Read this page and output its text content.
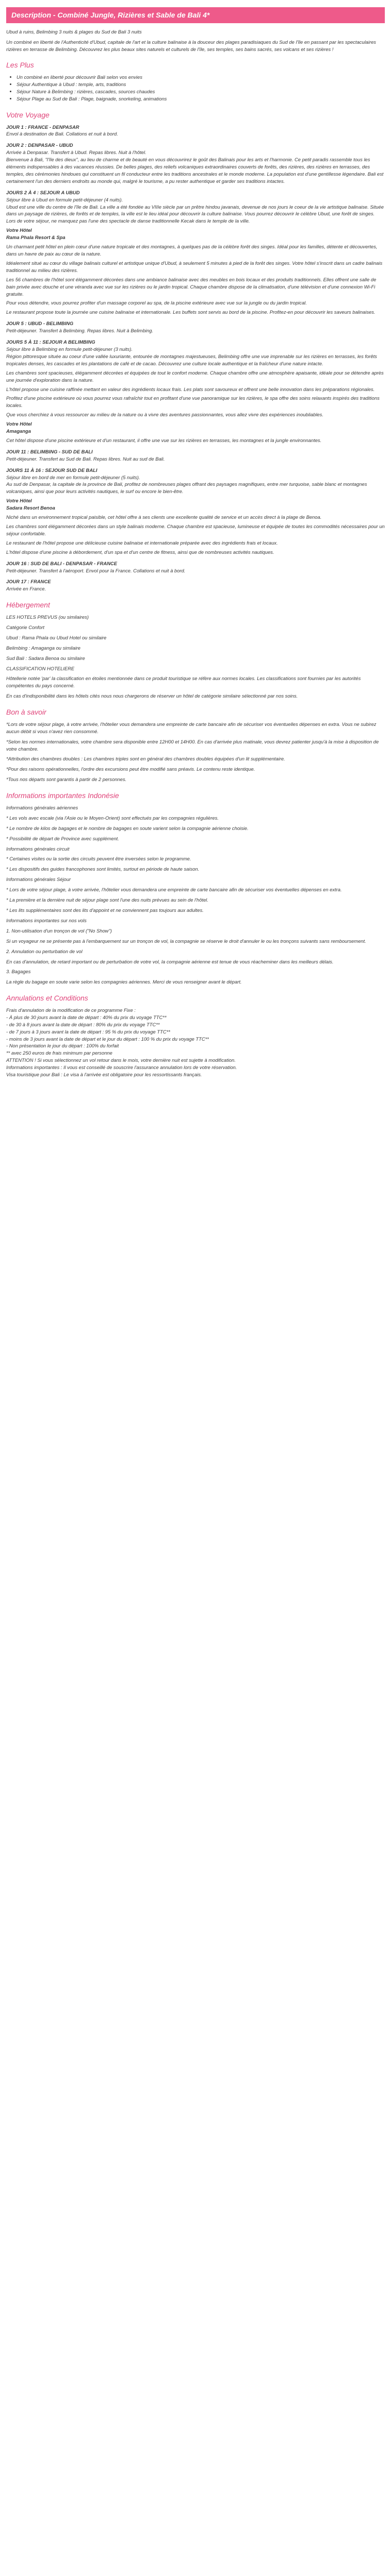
Description - Combiné Jungle, Rizières et Sable de Bali 4*

Ubud à ruins, Belimbing 3 nuits & plages du Sud de Bali 3 nuits

Un combiné en liberté de l'Authenticité d'Ubud, capitale de l'art et la culture balinaise à la douceur des plages paradisiaques du Sud de l'île en passant par les spectaculaires rizières en terrasse de Belimbing. Découvrez les plus beaux sites naturels et culturels de l'île, ses temples, ses bains sacrés, ses volcans et ses rizières !

Les Plus
• Un combiné en liberté pour découvrir Bali selon vos envies
• Séjour Authentique à Ubud : temple, arts, traditions
• Séjour Nature à Belimbing : rizières, cascades, sources chaudes
• Séjour Plage au Sud de Bali : Plage, baignade, snorkeling, animations
Votre Voyage

JOUR 1 : FRANCE - DENPASAR

Envol à destination de Bali. Collations et nuit à bord.

JOUR 2 : DENPASAR - UBUD

Arrivée à Denpasar. Transfert à Ubud. Repas libres. Nuit à l'hôtel.

Bienvenue à Bali, "l'île des dieux", au lieu de charme et de beauté en vous découvrirez le goût des Balinais pour les arts et l'harmonie. Ce petit paradis rassemble tous les éléments indispensables à des vacances réussies. De belles plages, des reliefs volcaniques extraordinaires couverts de forêts, des rizières, des rizières en terrasses, des temples, des cérémonies hindoues qui constituent un fil conducteur entre les traditions ancestrales et le monde moderne. La population est d'une gentillesse légendaire. Bali est certainement l'un des derniers endroits au monde qui, malgré le tourisme, a pu rester authentique et garder ses traditions intactes.

JOURS 2 À 4 : SEJOUR A UBUD

Séjour libre à Ubud en formule petit-déjeuner (4 nuits).

Ubud est une ville du centre de l'île de Bali. La ville a été fondée au VIIIe siècle par un prêtre hindou javanais, devenue de nos jours le coeur de la vie artistique balinaise. Située dans un paysage de rizières, de forêts et de temples, la ville est le lieu idéal pour découvrir la culture balinaise. Vous pourrez découvrir le célèbre Ubud, une forêt de singes. Lors de votre séjour, ne manquez pas l'une des spectacle de danse traditionnelle Kecak dans le temple de la ville.

Votre Hôtel

Rama Phala Resort & Spa

Un charmant petit hôtel en plein cœur d'une nature tropicale et des montagnes, à quelques pas de la célèbre forêt des singes. Idéal pour les familles, détente et découvertes, dans un havre de paix au cœur de la nature.

Idéalement situé au cœur du village balinais culturel et artistique unique d'Ubud, à seulement 5 minutes à pied de la forêt des singes. Votre hôtel s'inscrit dans un cadre balinais traditionnel au milieu des rizières.

Les 56 chambres de l'hôtel sont élégamment décorées dans une ambiance balinaise avec des meubles en bois locaux et des produits traditionnels. Elles offrent une salle de bain privée avec douche et une véranda avec vue sur les rizières ou le jardin tropical. Chaque chambre dispose de la climatisation, d'une télévision et d'une connexion Wi-Fi gratuite.

Pour vous détendre, vous pourrez profiter d'un massage corporel au spa, de la piscine extérieure avec vue sur la jungle ou du jardin tropical.

Le restaurant propose toute la journée une cuisine balinaise et internationale. Les buffets sont servis au bord de la piscine. Profitez-en pour découvrir les saveurs balinaises.

JOUR 5 : UBUD - BELIMBING

Petit-déjeuner. Transfert à Belimbing. Repas libres. Nuit à Belimbing.

JOURS 5 À 11 : SEJOUR A BELIMBING

Séjour libre à Belimbing en formule petit-déjeuner (3 nuits).

Région pittoresque située au coeur d'une vallée luxuriante, entourée de montagnes majestueuses, Belimbing offre une vue imprenable sur les rizières en terrasses, les forêts tropicales denses, les cascades et les plantations de café et de cacao. Découvrez une culture locale authentique et la fraîcheur d'une nature intacte.

Les chambres sont spacieuses, élégamment décorées et équipées de tout le confort moderne. Chaque chambre offre une atmosphère apaisante, idéale pour se détendre après une journée d'exploration dans la nature.

L'hôtel propose une cuisine raffinée mettant en valeur des ingrédients locaux frais. Les plats sont savoureux et offrent une belle innovation dans les préparations régionales.

Profitez d'une piscine extérieure où vous pourrez vous rafraîchir tout en profitant d'une vue panoramique sur les rizières, le spa offre des soins relaxants inspirés des traditions locales.

Que vous cherchiez à vous ressourcer au milieu de la nature ou à vivre des aventures passionnantes, vous allez vivre des expériences inoubliables.

Votre Hôtel

Amaganga

Cet hôtel dispose d'une piscine extérieure et d'un restaurant, il offre une vue sur les rizières en terrasses, les montagnes et la jungle environnantes.

JOUR 11 : BELIMBING - SUD DE BALI

Petit-déjeuner. Transfert au Sud de Bali. Repas libres. Nuit au sud de Bali.

JOURS 11 À 16 : SEJOUR SUD DE BALI

Séjour libre en bord de mer en formule petit-déjeuner (5 nuits).

Au sud de Denpasar, la capitale de la province de Bali, profitez de nombreuses plages offrant des paysages magnifiques, entre mer turquoise, sable blanc et montagnes volcaniques, ainsi que pour leurs activités nautiques, le surf ou encore le bien-être.

Votre Hôtel

Sadara Resort Benoa

Niché dans un environnement tropical paisible, cet hôtel offre à ses clients une excellente qualité de service et un accès direct à la plage de Benoa.

Les chambres sont élégamment décorées dans un style balinais moderne. Chaque chambre est spacieuse, lumineuse et équipée de toutes les commodités nécessaires pour un séjour confortable.

Le restaurant de l'hôtel propose une délicieuse cuisine balinaise et internationale préparée avec des ingrédients frais et locaux.

L'hôtel dispose d'une piscine à débordement, d'un spa et d'un centre de fitness, ainsi que de nombreuses activités nautiques.

JOUR 16 : SUD DE BALI - DENPASAR - FRANCE

Petit-déjeuner. Transfert à l'aéroport. Envol pour la France. Collations et nuit à bord.

JOUR 17 : FRANCE

Arrivée en France.

Hébergement

LES HOTELS PREVUS (ou similaires)

Catégorie Confort

Ubud : Rama Phala ou Ubud Hotel ou similaire

Belimbing : Amaganga ou similaire

Sud Bali : Sadara Benoa ou similaire

CLASSIFICATION HOTELIERE

Hôtellerie notée 'par' la classification en étoiles mentionnée dans ce produit touristique se réfère aux normes locales. Les classifications sont fournies par les autorités compétentes du pays concerné.

En cas d'indisponibilité dans les hôtels cités nous nous chargerons de réserver un hôtel de catégorie similaire sélectionné par nos soins.

Bon à savoir

*Lors de votre séjour plage, à votre arrivée, l'hôtelier vous demandera une empreinte de carte bancaire afin de sécuriser vos éventuelles dépenses en extra. Vous ne subirez aucun débit si vous n'avez rien consommé.

*Selon les normes internationales, votre chambre sera disponible entre 12H00 et 14H00. En cas d'arrivée plus matinale, vous devrez patienter jusqu'à la mise à disposition de votre chambre.

*Attribution des chambres doubles : Les chambres triples sont en général des chambres doubles équipées d'un lit supplémentaire.

*Pour des raisons opérationnelles, l'ordre des excursions peut être modifié sans préavis. Le contenu reste identique.

*Tous nos départs sont garantis à partir de 2 personnes.

Informations importantes Indonésie

Informations générales aériennes

* Les vols avec escale (via l'Asie ou le Moyen-Orient) sont effectués par les compagnies régulières.

* Le nombre de kilos de bagages et le nombre de bagages en soute varient selon la compagnie aérienne choisie.

* Possibilité de départ de Province avec supplément.

Informations générales circuit

* Certaines visites ou la sortie des circuits peuvent être inversées selon le programme.

* Les dispositifs des guides francophones sont limités, surtout en période de haute saison.

Informations générales Séjour

* Lors de votre séjour plage, à votre arrivée, l'hôtelier vous demandera une empreinte de carte bancaire afin de sécuriser vos éventuelles dépenses en extra.

* La première et la dernière nuit de séjour plage sont l'une des nuits prévues au sein de l'hôtel.

* Les lits supplémentaires sont des lits d'appoint et ne conviennent pas toujours aux adultes.

Informations importantes sur nos vols

1. Non-utilisation d'un tronçon de vol ("No Show")

Si un voyageur ne se présente pas à l'embarquement sur un tronçon de vol, la compagnie se réserve le droit d'annuler le ou les tronçons suivants sans remboursement.

2. Annulation ou perturbation de vol

En cas d'annulation, de retard important ou de perturbation de votre vol, la compagnie aérienne est tenue de vous réacheminer dans les meilleurs délais.

3. Bagages

La règle du bagage en soute varie selon les compagnies aériennes. Merci de vous renseigner avant le départ.

Annulations et Conditions

Frais d'annulation de la modification de ce programme Fixe :

- À plus de 30 jours avant la date de départ : 40% du prix du voyage TTC**

- de 30 à 8 jours avant la date de départ : 80% du prix du voyage TTC**

- de 7 jours à 3 jours avant la date de départ : 95 % du prix du voyage TTC**

- moins de 3 jours avant la date de départ et le jour du départ : 100 % du prix du voyage TTC**

- Non présentation le jour du départ : 100% du forfait

** avec 250 euros de frais minimum par personne

ATTENTION ! Si vous sélectionnez un vol retour dans le mois, votre dernière nuit est sujette à modification.

Informations importantes : Il vous est conseillé de souscrire l'assurance annulation lors de votre réservation.

Visa touristique pour Bali : Le visa à l'arrivée est obligatoire pour les ressortissants français.
